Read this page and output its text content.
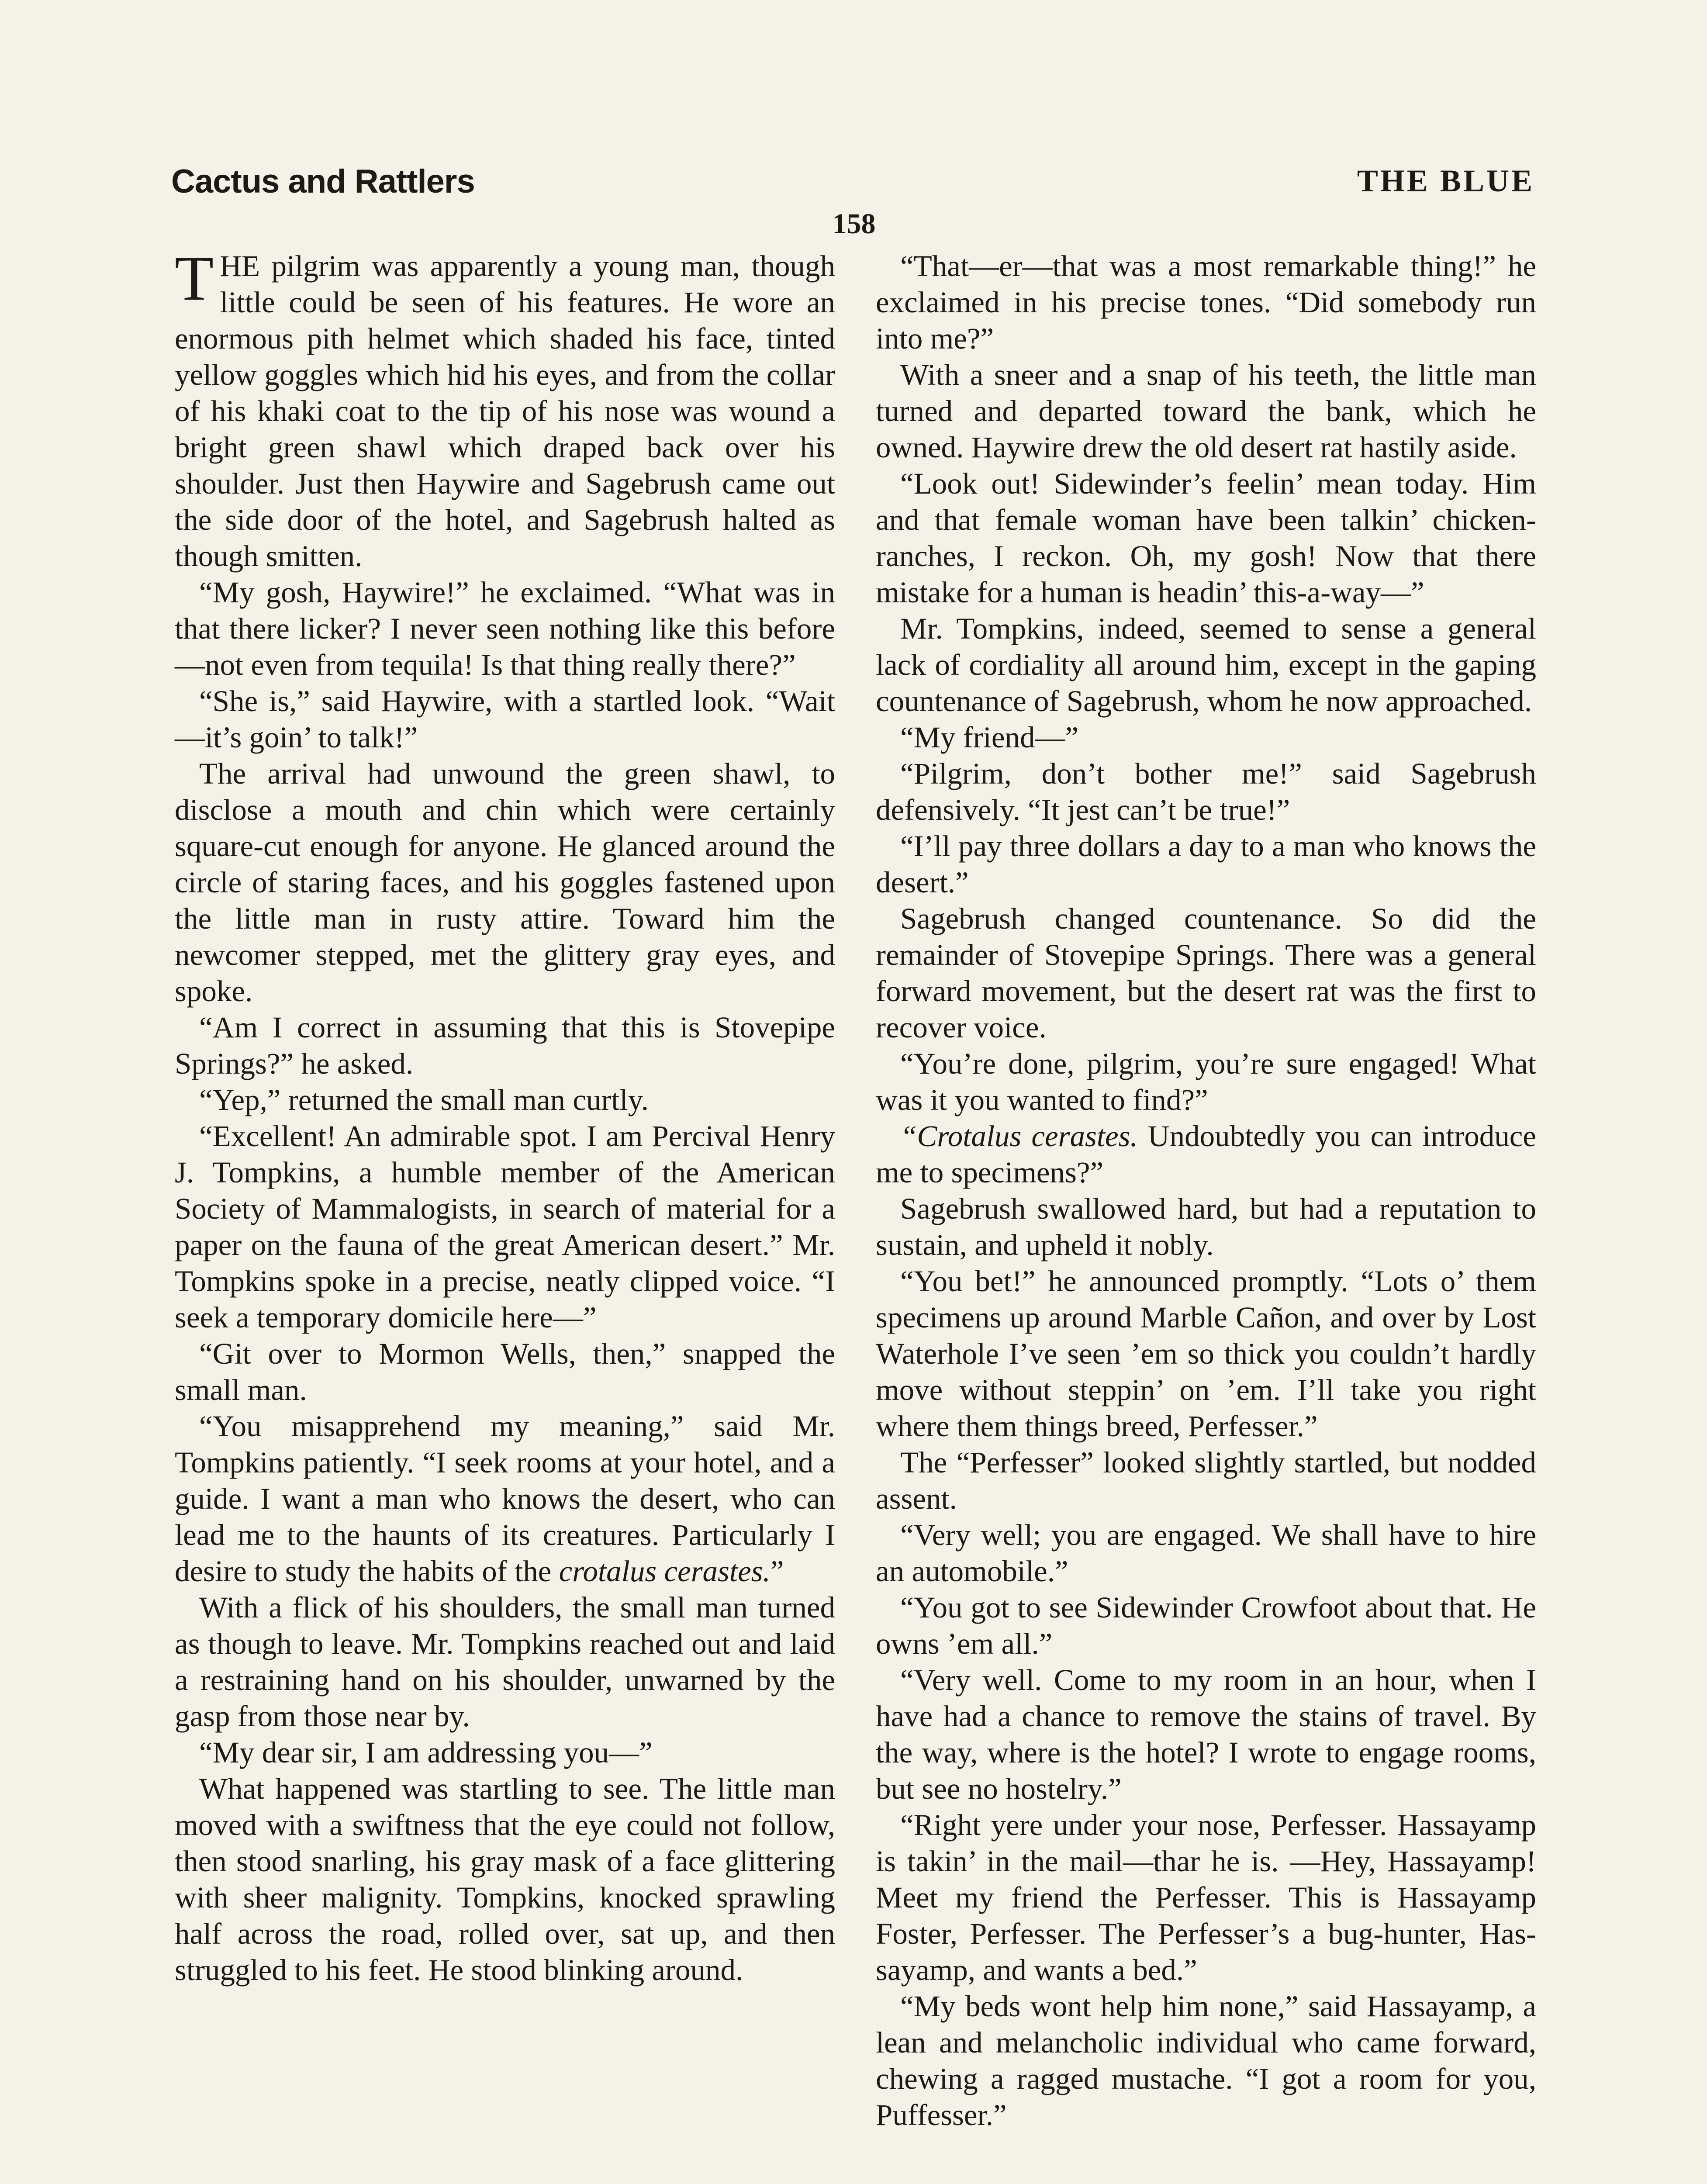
Cactus and Rattlers	THE BLUE
158

THE pilgrim was apparently a young man, though little could be seen of his features. He wore an enormous pith helmet which shaded his face, tinted yellow goggles which hid his eyes, and from the collar of his khaki coat to the tip of his nose was wound a bright green shawl which draped back over his shoulder. Just then Haywire and Sagebrush came out the side door of the hotel, and Sagebrush halted as though smitten.

“My gosh, Haywire!” he exclaimed. “What was in that there licker? I never seen nothing like this before—not even from tequila! Is that thing really there?”

“She is,” said Haywire, with a startled look. “Wait—it’s goin’ to talk!”

The arrival had unwound the green shawl, to disclose a mouth and chin which were certainly square-cut enough for anyone. He glanced around the circle of staring faces, and his goggles fastened upon the little man in rusty attire. Toward him the newcomer stepped, met the glittery gray eyes, and spoke.

“Am I correct in assuming that this is Stovepipe Springs?” he asked.

“Yep,” returned the small man curtly.

“Excellent! An admirable spot. I am Percival Henry J. Tompkins, a humble member of the American Society of Mammalogists, in search of material for a paper on the fauna of the great American desert.” Mr. Tompkins spoke in a precise, neatly clipped voice. “I seek a temporary domicile here—”

“Git over to Mormon Wells, then,” snapped the small man.

“You misapprehend my meaning,” said Mr. Tompkins patiently. “I seek rooms at your hotel, and a guide. I want a man who knows the desert, who can lead me to the haunts of its creatures. Particularly I desire to study the habits of the crotalus cerastes.”

With a flick of his shoulders, the small man turned as though to leave. Mr. Tompkins reached out and laid a restraining hand on his shoulder, unwarned by the gasp from those near by.

“My dear sir, I am addressing you—”

What happened was startling to see. The little man moved with a swiftness that the eye could not follow, then stood snarling, his gray mask of a face glittering with sheer malignity. Tompkins, knocked sprawling half across the road, rolled over, sat up, and then struggled to his feet. He stood blinking around.

“That—er—that was a most remarkable thing!” he exclaimed in his precise tones. “Did somebody run into me?”

With a sneer and a snap of his teeth, the little man turned and departed toward the bank, which he owned. Haywire drew the old desert rat hastily aside.

“Look out! Sidewinder’s feelin’ mean today. Him and that female woman have been talkin’ chicken-ranches, I reckon. Oh, my gosh! Now that there mistake for a human is headin’ this-a-way—”

Mr. Tompkins, indeed, seemed to sense a general lack of cordiality all around him, except in the gaping countenance of Sagebrush, whom he now approached.

“My friend—”

“Pilgrim, don’t bother me!” said Sagebrush defensively. “It jest can’t be true!”

“I’ll pay three dollars a day to a man who knows the desert.”

Sagebrush changed countenance. So did the remainder of Stovepipe Springs. There was a general forward movement, but the desert rat was the first to recover voice.

“You’re done, pilgrim, you’re sure engaged! What was it you wanted to find?”

“Crotalus cerastes. Undoubtedly you can introduce me to specimens?”

Sagebrush swallowed hard, but had a reputation to sustain, and upheld it nobly.

“You bet!” he announced promptly. “Lots o’ them specimens up around Marble Cañon, and over by Lost Waterhole I’ve seen ’em so thick you couldn’t hardly move without steppin’ on ’em. I’ll take you right where them things breed, Perfesser.”

The “Perfesser” looked slightly startled, but nodded assent.

“Very well; you are engaged. We shall have to hire an automobile.”

“You got to see Sidewinder Crowfoot about that. He owns ’em all.”

“Very well. Come to my room in an hour, when I have had a chance to remove the stains of travel. By the way, where is the hotel? I wrote to engage rooms, but see no hostelry.”

“Right yere under your nose, Perfesser. Hassayamp is takin’ in the mail—thar he is. —Hey, Hassayamp! Meet my friend the Perfesser. This is Hassayamp Foster, Perfesser. The Perfesser’s a bug-hunter, Hassayamp, and wants a bed.”

“My beds wont help him none,” said Hassayamp, a lean and melancholic individual who came forward, chewing a ragged mustache. “I got a room for you, Puffesser.”
